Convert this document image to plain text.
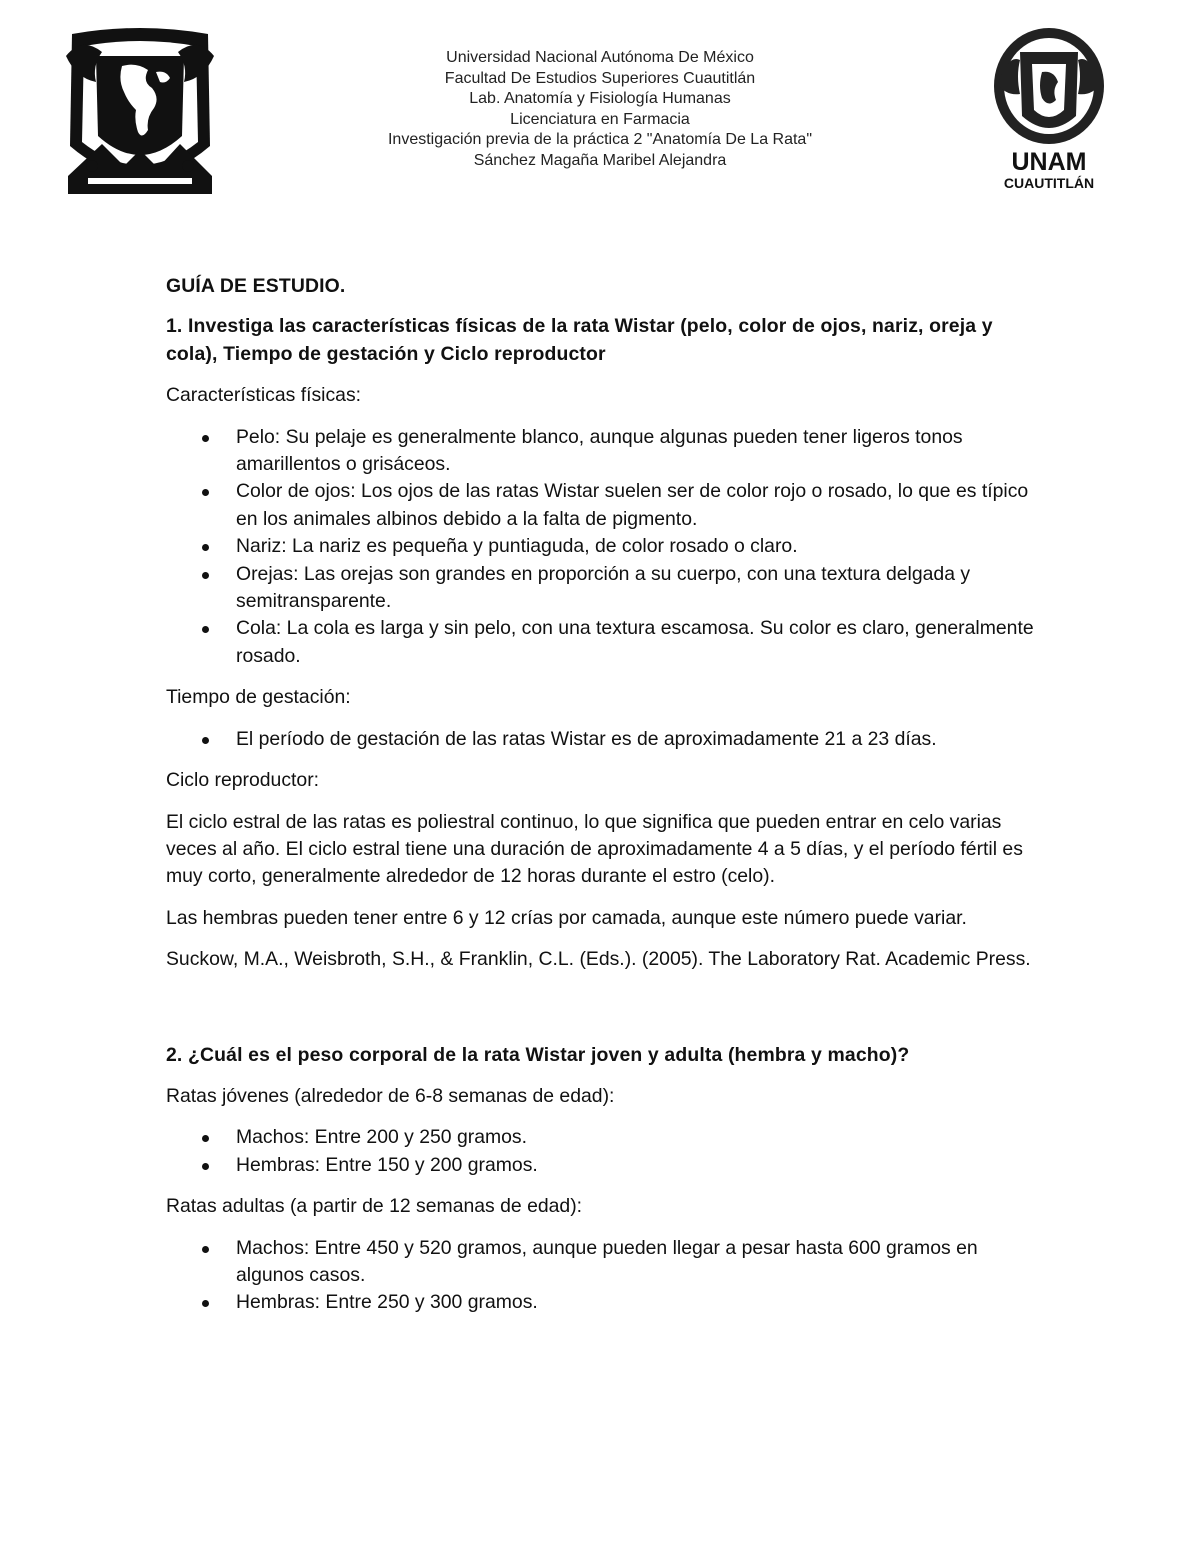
Universidad Nacional Autónoma De México
Facultad De Estudios Superiores Cuautitlán
Lab. Anatomía y Fisiología Humanas
Licenciatura en Farmacia
Investigación previa de la práctica 2 "Anatomía De La Rata"
Sánchez Magaña Maribel Alejandra	UNAM
CUAUTITLÁN

GUÍA DE ESTUDIO.

1. Investiga las características físicas de la rata Wistar (pelo, color de ojos, nariz, oreja y cola), Tiempo de gestación y Ciclo reproductor

Características físicas:

Pelo: Su pelaje es generalmente blanco, aunque algunas pueden tener ligeros tonos amarillentos o grisáceos.
Color de ojos: Los ojos de las ratas Wistar suelen ser de color rojo o rosado, lo que es típico en los animales albinos debido a la falta de pigmento.
Nariz: La nariz es pequeña y puntiaguda, de color rosado o claro.
Orejas: Las orejas son grandes en proporción a su cuerpo, con una textura delgada y semitransparente.
Cola: La cola es larga y sin pelo, con una textura escamosa. Su color es claro, generalmente rosado.

Tiempo de gestación:

El período de gestación de las ratas Wistar es de aproximadamente 21 a 23 días.

Ciclo reproductor:

El ciclo estral de las ratas es poliestral continuo, lo que significa que pueden entrar en celo varias veces al año. El ciclo estral tiene una duración de aproximadamente 4 a 5 días, y el período fértil es muy corto, generalmente alrededor de 12 horas durante el estro (celo).

Las hembras pueden tener entre 6 y 12 crías por camada, aunque este número puede variar.

Suckow, M.A., Weisbroth, S.H., & Franklin, C.L. (Eds.). (2005). The Laboratory Rat. Academic Press.

2. ¿Cuál es el peso corporal de la rata Wistar joven y adulta (hembra y macho)?

Ratas jóvenes (alrededor de 6-8 semanas de edad):

Machos: Entre 200 y 250 gramos.
Hembras: Entre 150 y 200 gramos.

Ratas adultas (a partir de 12 semanas de edad):

Machos: Entre 450 y 520 gramos, aunque pueden llegar a pesar hasta 600 gramos en algunos casos.
Hembras: Entre 250 y 300 gramos.
